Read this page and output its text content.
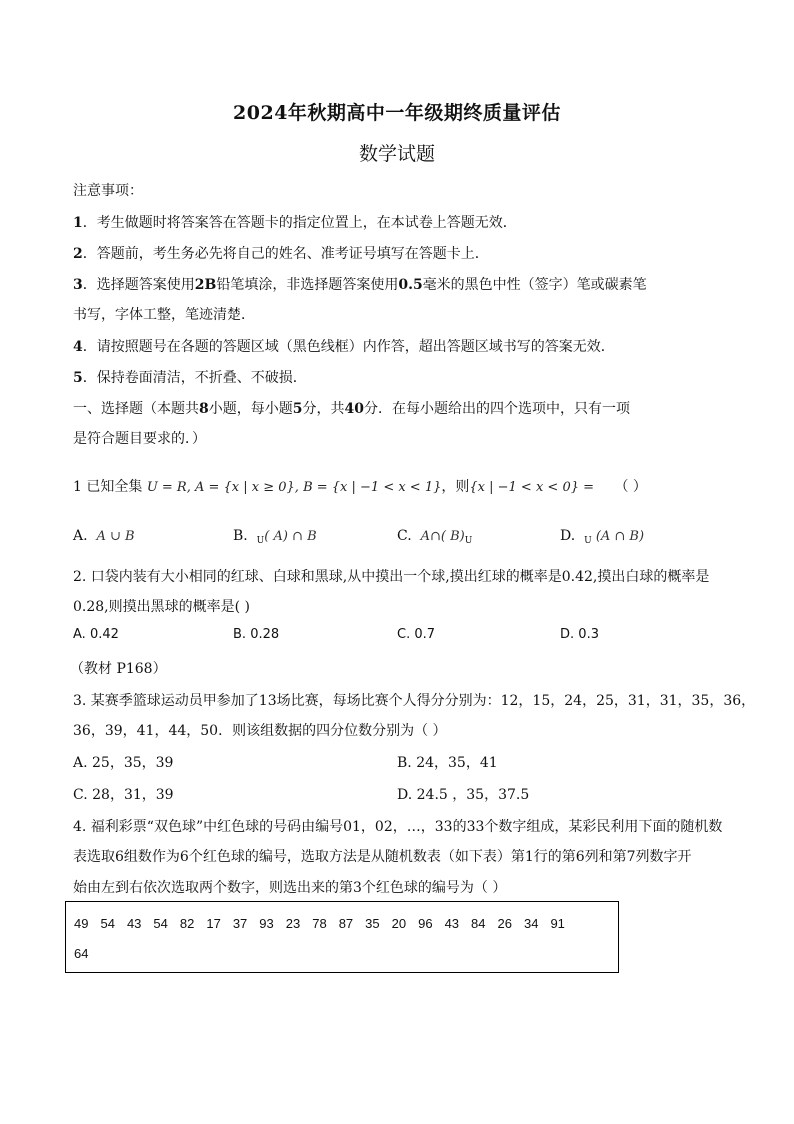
2024年秋期高中一年级期终质量评估
数学试题
注意事项：
1．考生做题时将答案答在答题卡的指定位置上，在本试卷上答题无效．
2．答题前，考生务必先将自己的姓名、准考证号填写在答题卡上．
3．选择题答案使用2B铅笔填涂，非选择题答案使用0.5毫米的黑色中性（签字）笔或碳素笔
书写，字体工整，笔迹清楚．
4．请按照题号在各题的答题区域（黑色线框）内作答，超出答题区域书写的答案无效．
5．保持卷面清洁，不折叠、不破损．
一、选择题（本题共8小题，每小题5分，共40分．在每小题给出的四个选项中，只有一项
是符合题目要求的．）
1 已知全集 U = R, A = {x | x ≥ 0}, B = {x | −1 < x < 1}，则{x | −1 < x < 0} = （ ）
A. A ∪ B	B. $_U$( A) ∩ B	C. A∩( $B)_U$	D. $_U$ (A ∩ B)
2. 口袋内装有大小相同的红球、白球和黑球,从中摸出一个球,摸出红球的概率是0.42,摸出白球的概率是
0.28,则摸出黑球的概率是( )
A. 0.42	B. 0.28	C. 0.7	D. 0.3
（教材 P168）
3. 某赛季篮球运动员甲参加了13场比赛，每场比赛个人得分分别为：12，15，24，25，31，31，35，36，
36，39，41，44，50．则该组数据的四分位数分别为（ ）
A. 25，35，39	B. 24，35，41
C. 28，31，39	D. 24.5 ，35，37.5
4. 福利彩票“双色球”中红色球的号码由编号01，02，…，33的33个数字组成，某彩民利用下面的随机数
表选取6组数作为6个红色球的编号，选取方法是从随机数表（如下表）第1行的第6列和第7列数字开
始由左到右依次选取两个数字，则选出来的第3个红色球的编号为（ ）
49 54 43 54 82 17 37 93 23 78 87 35 20 96 43 84 26 34 91
64
